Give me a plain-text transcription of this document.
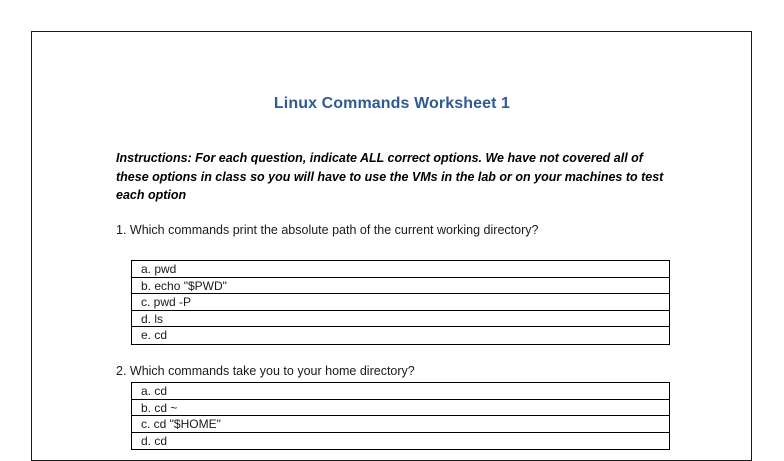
Linux Commands Worksheet 1
Instructions: For each question, indicate ALL correct options. We have not covered all of these options in class so you will have to use the VMs in the lab or on your machines to test each option
1. Which commands print the absolute path of the current working directory?
a. pwd
b. echo "$PWD"
c. pwd -P
d. ls
e. cd
2. Which commands take you to your home directory?
a. cd
b. cd ~
c. cd "$HOME"
d. cd
